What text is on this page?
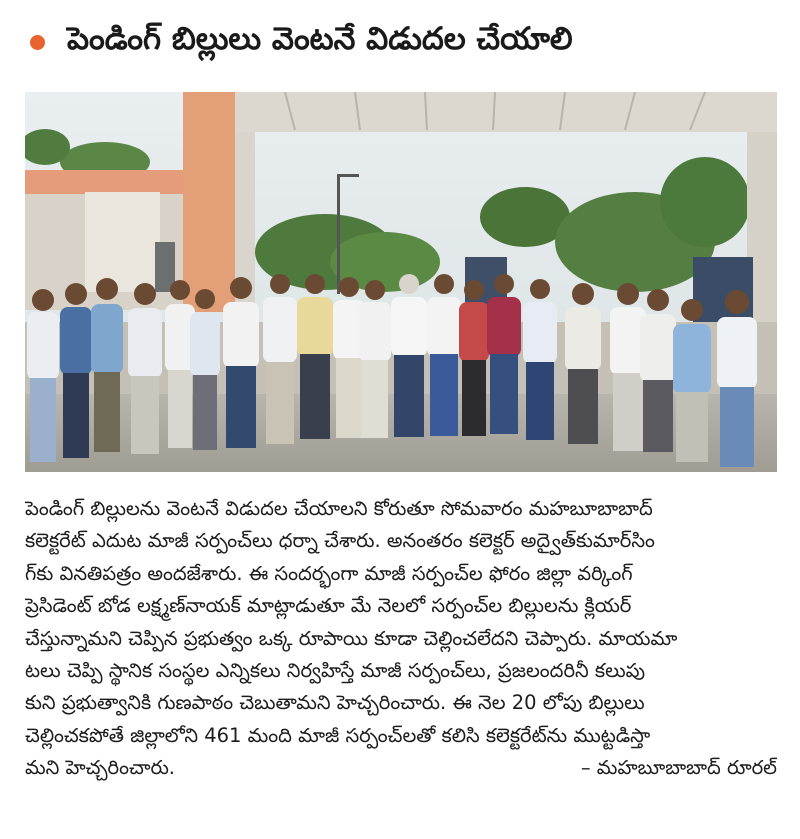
పెండింగ్ బిల్లులు వెంటనే విడుదల చేయాలి
పెండింగ్ బిల్లులను వెంటనే విడుదల చేయాలని కోరుతూ సోమవారం మహబూబాబాద్
కలెక్టరేట్ ఎదుట మాజీ సర్పంచ్‌లు ధర్నా చేశారు. అనంతరం కలెక్టర్ అద్వైత్‌కుమార్‌సిం
గ్‌కు వినతిపత్రం అందజేశారు. ఈ సందర్భంగా మాజీ సర్పంచ్‌ల ఫోరం జిల్లా వర్కింగ్
ప్రెసిడెంట్ బోడ లక్ష్మణ్‌నాయక్ మాట్లాడుతూ మే నెలలో సర్పంచ్‌ల బిల్లులను క్లియర్
చేస్తున్నామని చెప్పిన ప్రభుత్వం ఒక్క రూపాయి కూడా చెల్లించలేదని చెప్పారు. మాయమా
టలు చెప్పి స్థానిక సంస్థల ఎన్నికలు నిర్వహిస్తే మాజీ సర్పంచ్‌లు, ప్రజలందరినీ కలుపు
కుని ప్రభుత్వానికి గుణపాఠం చెబుతామని హెచ్చరించారు. ఈ నెల 20 లోపు బిల్లులు
చెల్లించకపోతే జిల్లాలోని 461 మంది మాజీ సర్పంచ్‌లతో కలిసి కలెక్టరేట్‌ను ముట్టడిస్తా
మని హెచ్చరించారు.	– మహబూబాబాద్ రూరల్
